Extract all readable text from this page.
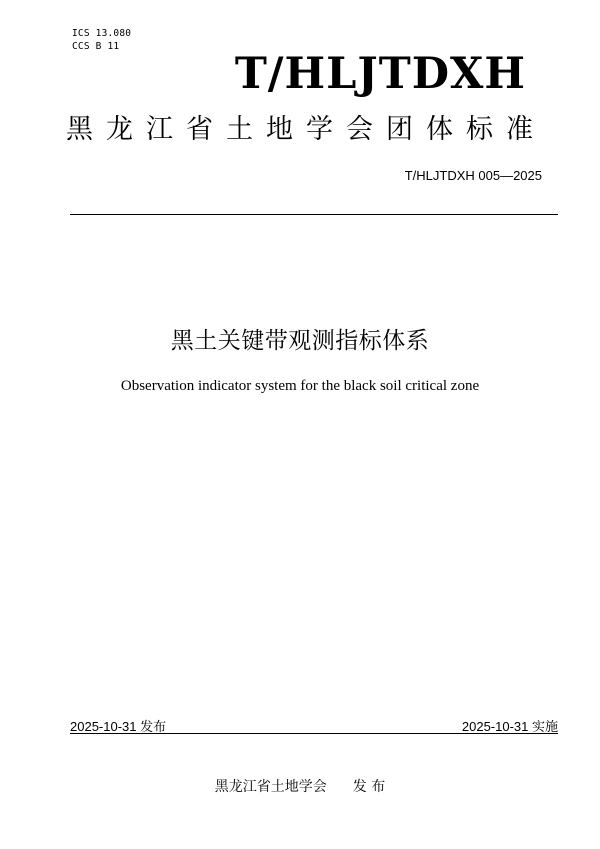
ICS 13.080
CCS B 11
T/HLJTDXH
黑龙江省土地学会团体标准
T/HLJTDXH 005—2025
黑土关键带观测指标体系
Observation indicator system for the black soil critical zone
2025-10-31 发布	2025-10-31 实施
黑龙江省土地学会 发 布
